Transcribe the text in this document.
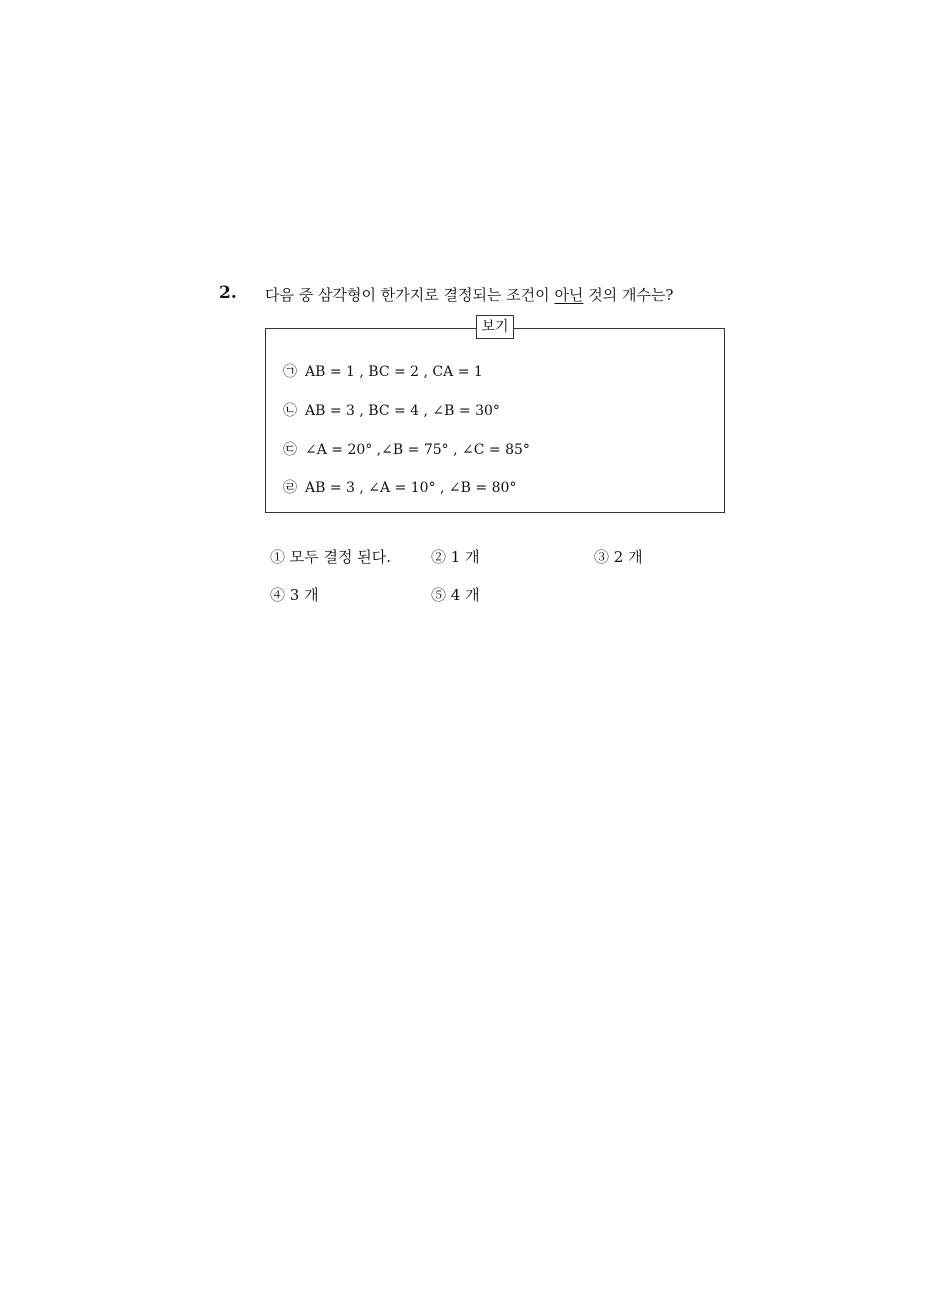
2. 다음 중 삼각형이 한가지로 결정되는 조건이 아닌 것의 개수는?
보기
㉠ AB = 1 , BC = 2 , CA = 1
㉡ AB = 3 , BC = 4 , ∠B = 30°
㉢ ∠A = 20° ,∠B = 75° , ∠C = 85°
㉣ AB = 3 , ∠A = 10° , ∠B = 80°
① 모두 결정 된다.	② 1 개	③ 2 개
④ 3 개	⑤ 4 개
